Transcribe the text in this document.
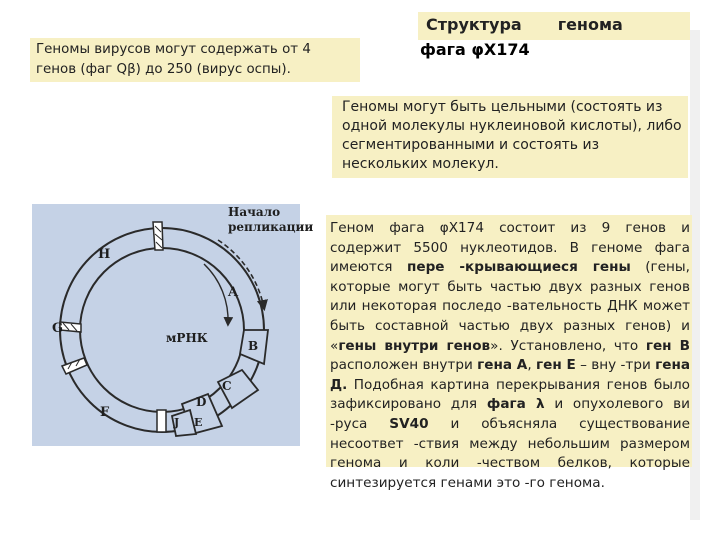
Геномы вирусов могут содержать от 4

генов (фаг Qβ) до 250 (вирус оспы).

Структура генома
фага φX174

Геномы могут быть цельными (состоять из одной молекулы нуклеиновой кислоты), либо сегментированными и состоять из нескольких молекул.

Геном фага φX174 состоит из 9 генов и содержит 5500 нуклеотидов. В геноме фага имеются пере -крывающиеся гены (гены, которые могут быть частью двух разных генов или некоторая последо -вательность ДНК может быть составной частью двух разных генов) и «гены внутри генов». Установлено, что ген В расположен внутри гена А, ген Е – вну -три гена Д. Подобная картина перекрывания генов было зафиксировано для фага λ и опухолевого ви -руса SV40 и объясняла существование несоответ -ствия между небольшим размером генома и коли -чеством белков, которые синтезируется генами это -го генома.
Начало
репликации
H
A
G
B
C
D
F
J E
мРНК
